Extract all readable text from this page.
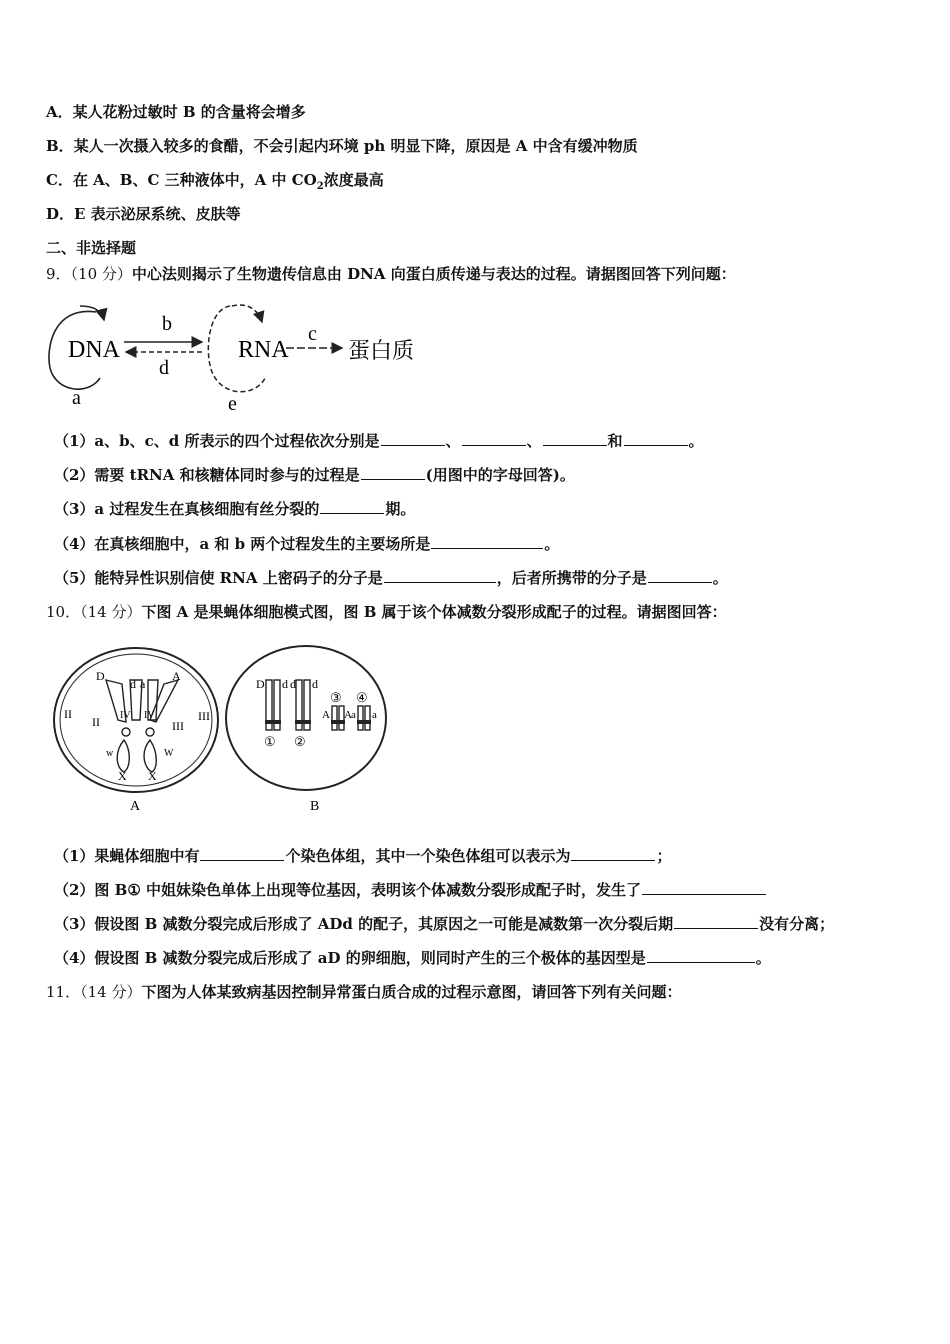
A．某人花粉过敏时 B 的含量将会增多
B．某人一次摄入较多的食醋，不会引起内环境 ph 明显下降，原因是 A 中含有缓冲物质
C．在 A、B、C 三种液体中，A 中 $CO_2$浓度最高
D．E 表示泌尿系统、皮肤等
二、非选择题
9．（10 分）中心法则揭示了生物遗传信息由 DNA 向蛋白质传递与表达的过程。请据图回答下列问题：
DNA
b
d
RNA
c
蛋白质
a	e
（1）a、b、c、d 所表示的四个过程依次分别是	、	、	和	。
（2）需要 tRNA 和核糖体同时参与的过程是	(用图中的字母回答)。
（3）a 过程发生在真核细胞有丝分裂的	期。
（4）在真核细胞中，a 和 b 两个过程发生的主要场所是	。
（5）能特异性识别信使 RNA 上密码子的分子是	，后者所携带的分子是	。
10．（14 分）下图 A 是果蝇体细胞模式图，图 B 属于该个体减数分裂形成配子的过程。请据图回答：
D
d a
A
II
II IV IV
III
III
w	W
X X
A
D d d d
③ ④
A A a a
① ②
B
（1）果蝇体细胞中有	个染色体组，其中一个染色体组可以表示为	；
（2）图 B① 中姐妹染色单体上出现等位基因，表明该个体减数分裂形成配子时，发生了
（3）假设图 B 减数分裂完成后形成了 ADd 的配子，其原因之一可能是减数第一次分裂后期	没有分离；
（4）假设图 B 减数分裂完成后形成了 aD 的卵细胞，则同时产生的三个极体的基因型是	。
11．（14 分）下图为人体某致病基因控制异常蛋白质合成的过程示意图，请回答下列有关问题：
